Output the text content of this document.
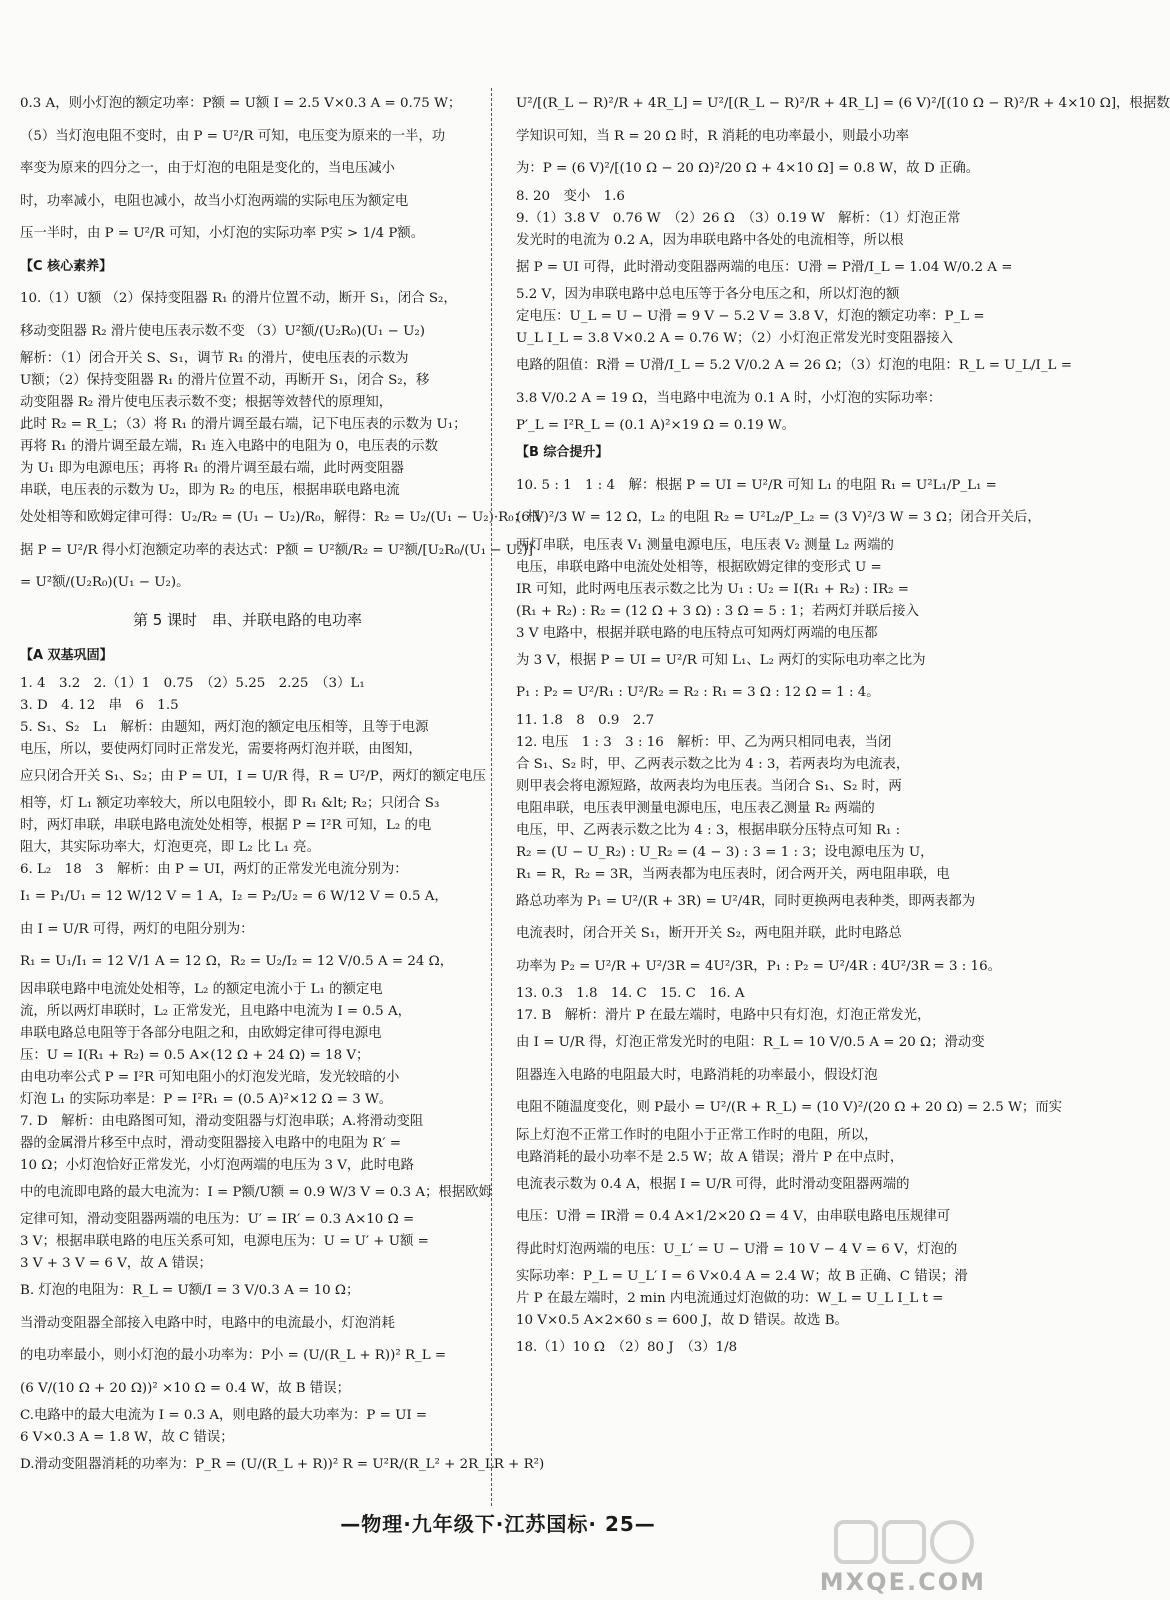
0.3 A，则小灯泡的额定功率：P额 = U额 I = 2.5 V×0.3 A = 0.75 W；
（5）当灯泡电阻不变时，由 P = U²/R 可知，电压变为原来的一半，功
率变为原来的四分之一，由于灯泡的电阻是变化的，当电压减小
时，功率减小，电阻也减小，故当小灯泡两端的实际电压为额定电
压一半时，由 P = U²/R 可知，小灯泡的实际功率 P实 > 1/4 P额。
【C 核心素养】
10.（1）U额 （2）保持变阻器 R₁ 的滑片位置不动，断开 S₁，闭合 S₂，
移动变阻器 R₂ 滑片使电压表示数不变 （3）U²额/(U₂R₀)(U₁ − U₂)
解析：（1）闭合开关 S、S₁，调节 R₁ 的滑片，使电压表的示数为
U额；（2）保持变阻器 R₁ 的滑片位置不动，再断开 S₁，闭合 S₂，移
动变阻器 R₂ 滑片使电压表示数不变；根据等效替代的原理知，
此时 R₂ = R_L；（3）将 R₁ 的滑片调至最右端，记下电压表的示数为 U₁；
再将 R₁ 的滑片调至最左端，R₁ 连入电路中的电阻为 0，电压表的示数
为 U₁ 即为电源电压；再将 R₁ 的滑片调至最右端，此时两变阻器
串联，电压表的示数为 U₂，即为 R₂ 的电压，根据串联电路电流
处处相等和欧姆定律可得：U₂/R₂ = (U₁ − U₂)/R₀，解得：R₂ = U₂/(U₁ − U₂)·R₀；根
据 P = U²/R 得小灯泡额定功率的表达式：P额 = U²额/R₂ = U²额/[U₂R₀/(U₁ − U₂)]
= U²额/(U₂R₀)(U₁ − U₂)。
第 5 课时　串、并联电路的电功率
【A 双基巩固】
1. 4　3.2　2.（1）1　0.75　（2）5.25　2.25　（3）L₁
3. D　4. 12　串　6　1.5
5. S₁、S₂　L₁　解析：由题知，两灯泡的额定电压相等，且等于电源
电压，所以，要使两灯同时正常发光，需要将两灯泡并联，由图知，
应只闭合开关 S₁、S₂；由 P = UI，I = U/R 得，R = U²/P，两灯的额定电压
相等，灯 L₁ 额定功率较大，所以电阻较小，即 R₁ &lt; R₂；只闭合 S₃
时，两灯串联，串联电路电流处处相等，根据 P = I²R 可知，L₂ 的电
阻大，其实际功率大，灯泡更亮，即 L₂ 比 L₁ 亮。
6. L₂　18　3　解析：由 P = UI，两灯的正常发光电流分别为：
I₁ = P₁/U₁ = 12 W/12 V = 1 A，I₂ = P₂/U₂ = 6 W/12 V = 0.5 A，
由 I = U/R 可得，两灯的电阻分别为：
R₁ = U₁/I₁ = 12 V/1 A = 12 Ω，R₂ = U₂/I₂ = 12 V/0.5 A = 24 Ω，
因串联电路中电流处处相等，L₂ 的额定电流小于 L₁ 的额定电
流，所以两灯串联时，L₂ 正常发光，且电路中电流为 I = 0.5 A，
串联电路总电阻等于各部分电阻之和，由欧姆定律可得电源电
压：U = I(R₁ + R₂) = 0.5 A×(12 Ω + 24 Ω) = 18 V；
由电功率公式 P = I²R 可知电阻小的灯泡发光暗，发光较暗的小
灯泡 L₁ 的实际功率是：P = I²R₁ = (0.5 A)²×12 Ω = 3 W。
7. D　解析：由电路图可知，滑动变阻器与灯泡串联；A.将滑动变阻
器的金属滑片移至中点时，滑动变阻器接入电路中的电阻为 R′ =
10 Ω；小灯泡恰好正常发光，小灯泡两端的电压为 3 V，此时电路
中的电流即电路的最大电流为：I = P额/U额 = 0.9 W/3 V = 0.3 A；根据欧姆
定律可知，滑动变阻器两端的电压为：U′ = IR′ = 0.3 A×10 Ω =
3 V；根据串联电路的电压关系可知，电源电压为：U = U′ + U额 =
3 V + 3 V = 6 V，故 A 错误；
B. 灯泡的电阻为：R_L = U额/I = 3 V/0.3 A = 10 Ω；
当滑动变阻器全部接入电路中时，电路中的电流最小，灯泡消耗
的电功率最小，则小灯泡的最小功率为：P小 = (U/(R_L + R))² R_L =
(6 V/(10 Ω + 20 Ω))² ×10 Ω = 0.4 W，故 B 错误；
C.电路中的最大电流为 I = 0.3 A，则电路的最大功率为：P = UI =
6 V×0.3 A = 1.8 W，故 C 错误；
D.滑动变阻器消耗的功率为：P_R = (U/(R_L + R))² R = U²R/(R_L² + 2R_LR + R²)
U²/[(R_L − R)²/R + 4R_L] = U²/[(R_L − R)²/R + 4R_L] = (6 V)²/[(10 Ω − R)²/R + 4×10 Ω]，根据数
学知识可知，当 R = 20 Ω 时，R 消耗的电功率最小，则最小功率
为：P = (6 V)²/[(10 Ω − 20 Ω)²/20 Ω + 4×10 Ω] = 0.8 W，故 D 正确。
8. 20　变小　1.6
9.（1）3.8 V　0.76 W　（2）26 Ω　（3）0.19 W　解析：（1）灯泡正常
发光时的电流为 0.2 A，因为串联电路中各处的电流相等，所以根
据 P = UI 可得，此时滑动变阻器两端的电压：U滑 = P滑/I_L = 1.04 W/0.2 A =
5.2 V，因为串联电路中总电压等于各分电压之和，所以灯泡的额
定电压：U_L = U − U滑 = 9 V − 5.2 V = 3.8 V，灯泡的额定功率：P_L =
U_L I_L = 3.8 V×0.2 A = 0.76 W；（2）小灯泡正常发光时变阻器接入
电路的阻值：R滑 = U滑/I_L = 5.2 V/0.2 A = 26 Ω；（3）灯泡的电阻：R_L = U_L/I_L =
3.8 V/0.2 A = 19 Ω，当电路中电流为 0.1 A 时，小灯泡的实际功率：
P′_L = I²R_L = (0.1 A)²×19 Ω = 0.19 W。
【B 综合提升】
10. 5 : 1　1 : 4　解：根据 P = UI = U²/R 可知 L₁ 的电阻 R₁ = U²L₁/P_L₁ =
(6 V)²/3 W = 12 Ω，L₂ 的电阻 R₂ = U²L₂/P_L₂ = (3 V)²/3 W = 3 Ω；闭合开关后，
两灯串联，电压表 V₁ 测量电源电压，电压表 V₂ 测量 L₂ 两端的
电压，串联电路中电流处处相等，根据欧姆定律的变形式 U =
IR 可知，此时两电压表示数之比为 U₁ : U₂ = I(R₁ + R₂) : IR₂ =
(R₁ + R₂) : R₂ = (12 Ω + 3 Ω) : 3 Ω = 5 : 1；若两灯并联后接入
3 V 电路中，根据并联电路的电压特点可知两灯两端的电压都
为 3 V，根据 P = UI = U²/R 可知 L₁、L₂ 两灯的实际电功率之比为
P₁ : P₂ = U²/R₁ : U²/R₂ = R₂ : R₁ = 3 Ω : 12 Ω = 1 : 4。
11. 1.8　8　0.9　2.7
12. 电压　1 : 3　3 : 16　解析：甲、乙为两只相同电表，当闭
合 S₁、S₂ 时，甲、乙两表示数之比为 4 : 3，若两表均为电流表，
则甲表会将电源短路，故两表均为电压表。当闭合 S₁、S₂ 时，两
电阻串联，电压表甲测量电源电压，电压表乙测量 R₂ 两端的
电压，甲、乙两表示数之比为 4 : 3，根据串联分压特点可知 R₁ :
R₂ = (U − U_R₂) : U_R₂ = (4 − 3) : 3 = 1 : 3；设电源电压为 U，
R₁ = R，R₂ = 3R，当两表都为电压表时，闭合两开关，两电阻串联，电
路总功率为 P₁ = U²/(R + 3R) = U²/4R，同时更换两电表种类，即两表都为
电流表时，闭合开关 S₁，断开开关 S₂，两电阻并联，此时电路总
功率为 P₂ = U²/R + U²/3R = 4U²/3R，P₁ : P₂ = U²/4R : 4U²/3R = 3 : 16。
13. 0.3　1.8　14. C　15. C　16. A
17. B　解析：滑片 P 在最左端时，电路中只有灯泡，灯泡正常发光，
由 I = U/R 得，灯泡正常发光时的电阻：R_L = 10 V/0.5 A = 20 Ω；滑动变
阻器连入电路的电阻最大时，电路消耗的功率最小，假设灯泡
电阻不随温度变化，则 P最小 = U²/(R + R_L) = (10 V)²/(20 Ω + 20 Ω) = 2.5 W；而实
际上灯泡不正常工作时的电阻小于正常工作时的电阻，所以，
电路消耗的最小功率不是 2.5 W；故 A 错误；滑片 P 在中点时，
电流表示数为 0.4 A，根据 I = U/R 可得，此时滑动变阻器两端的
电压：U滑 = IR滑 = 0.4 A×1/2×20 Ω = 4 V，由串联电路电压规律可
得此时灯泡两端的电压：U_L′ = U − U滑 = 10 V − 4 V = 6 V，灯泡的
实际功率：P_L = U_L′ I = 6 V×0.4 A = 2.4 W；故 B 正确、C 错误；滑
片 P 在最左端时，2 min 内电流通过灯泡做的功：W_L = U_L I_L t =
10 V×0.5 A×2×60 s = 600 J，故 D 错误。故选 B。
18.（1）10 Ω　（2）80 J　（3）1/8
—物理·九年级下·江苏国标· 25—
MXQE.COM
